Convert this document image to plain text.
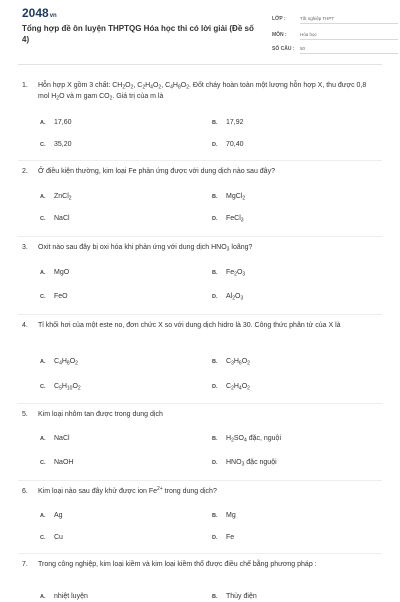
2048vn
Tổng hợp đề ôn luyện THPTQG Hóa học thi có lời giải (Đề số 4)
LỚP :	Tốt nghiệp THPT
MÔN :	Hóa học
SỐ CÂU : 50
1.	Hỗn hợp X gồm 3 chất: $CH_2O_2$, $C_2H_4O_2$, $C_4H_8O_2$. Đốt cháy hoàn toàn một lượng hỗn hợp X, thu được 0,8 mol $H_2O$ và m gam $CO_2$. Giá trị của m là
A. 17,60	B. 17,92
C. 35,20	D. 70,40
2.	Ở điều kiện thường, kim loại Fe phản ứng được với dung dịch nào sau đây?
A. ZnCl$_2$	B. MgCl$_2$
C. NaCl	D. FeCl$_3$
3.	Oxit nào sau đây bị oxi hóa khi phản ứng với dung dịch $HNO_3$ loãng?
A. MgO	B. $Fe_2O_3$
C. FeO	D. $Al_2O_3$
4.	Tỉ khối hơi của một este no, đơn chức X so với dung dịch hidro là 30. Công thức phân tử của X là
A. $C_4H_8O_2$	B. $C_3H_6O_2$
C. $C_5H_{10}O_2$	D. $C_2H_4O_2$
5.	Kim loại nhôm tan được trong dung dịch
A. NaCl	B. $H_2SO_4$ đặc, nguội
C. NaOH	D. $HNO_3$ đặc nguội
6.	Kim loại nào sau đây khử được ion $Fe^{2+}$ trong dung dịch?
A. Ag	B. Mg
C. Cu	D. Fe
7.	Trong công nghiệp, kim loại kiềm và kim loại kiềm thổ được điều chế bằng phương pháp :
A. nhiệt luyện	B. Thủy điện
